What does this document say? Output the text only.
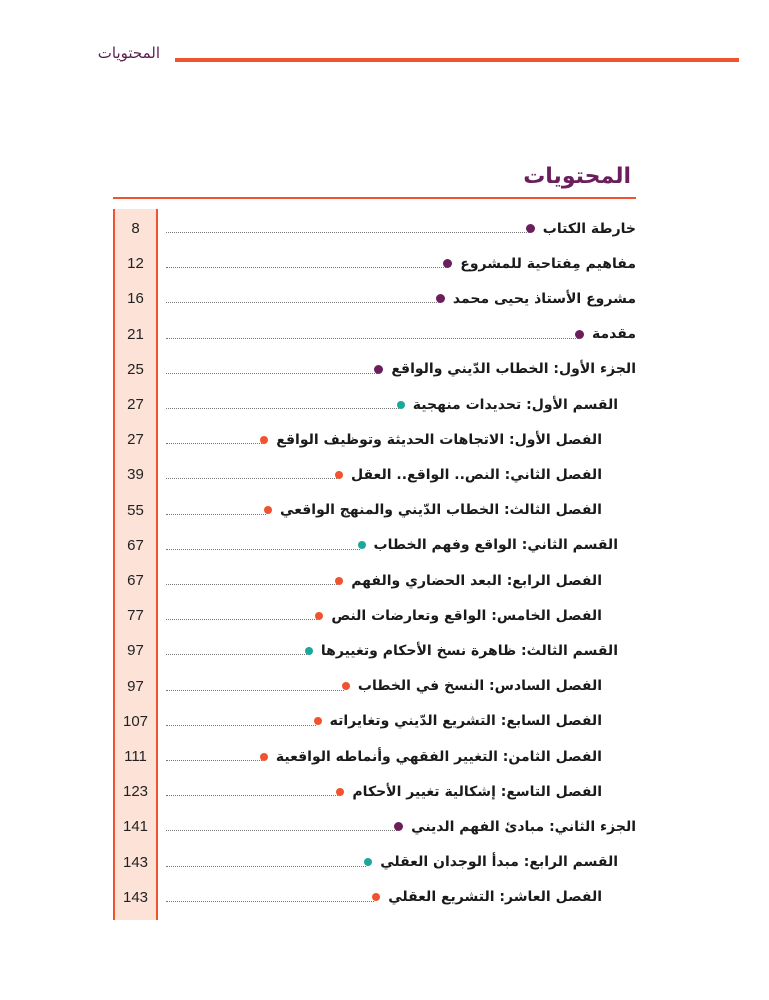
المحتويات
المحتويات
8	خارطة الكتاب
12	مفاهيم مِفتاحية للمشروع
16	مشروع الأستاذ يحيى محمد
21	مقدمة
25	الجزء الأول: الخطاب الدّيني والواقع
27	القسم الأول: تحديدات منهجية
27	الفصل الأول: الاتجاهات الحديثة وتوظيف الواقع
39	الفصل الثاني: النص.. الواقع.. العقل
55	الفصل الثالث: الخطاب الدّيني والمنهج الواقعي
67	القسم الثاني: الواقع وفهم الخطاب
67	الفصل الرابع: البعد الحضاري والفهم
77	الفصل الخامس: الواقع وتعارضات النص
97	القسم الثالث: ظاهرة نسخ الأحكام وتغييرها
97	الفصل السادس: النسخ في الخطاب
107	الفصل السابع: التشريع الدّيني وتغايراته
111	الفصل الثامن: التغيير الفقهي وأنماطه الواقعية
123	الفصل التاسع: إشكالية تغيير الأحكام
141	الجزء الثاني: مبادئ الفهم الديني
143	القسم الرابع: مبدأ الوجدان العقلي
143	الفصل العاشر: التشريع العقلي
